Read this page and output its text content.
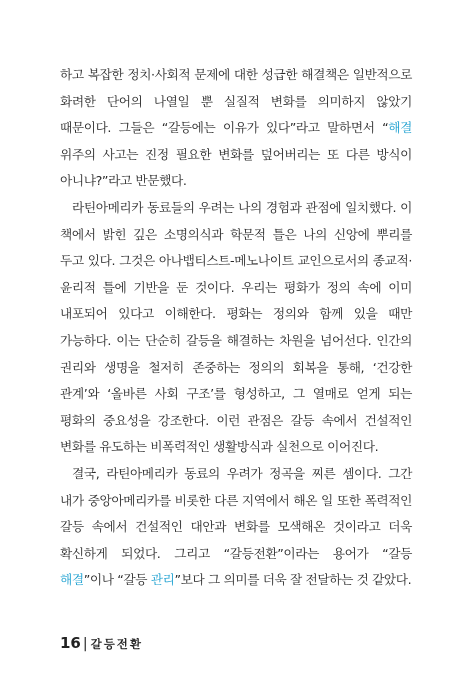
하고 복잡한 정치·사회적 문제에 대한 성급한 해결책은 일반적으로 화려한 단어의 나열일 뿐 실질적 변화를 의미하지 않았기 때문이다. 그들은 “갈등에는 이유가 있다”라고 말하면서 “해결 위주의 사고는 진정 필요한 변화를 덮어버리는 또 다른 방식이 아니냐?”라고 반문했다.

라틴아메리카 동료들의 우려는 나의 경험과 관점에 일치했다. 이 책에서 밝힌 깊은 소명의식과 학문적 틀은 나의 신앙에 뿌리를 두고 있다. 그것은 아나뱁티스트-메노나이트 교인으로서의 종교적·윤리적 틀에 기반을 둔 것이다. 우리는 평화가 정의 속에 이미 내포되어 있다고 이해한다. 평화는 정의와 함께 있을 때만 가능하다. 이는 단순히 갈등을 해결하는 차원을 넘어선다. 인간의 권리와 생명을 철저히 존중하는 정의의 회복을 통해, ‘건강한 관계’와 ‘올바른 사회 구조’를 형성하고, 그 열매로 얻게 되는 평화의 중요성을 강조한다. 이런 관점은 갈등 속에서 건설적인 변화를 유도하는 비폭력적인 생활방식과 실천으로 이어진다.

결국, 라틴아메리카 동료의 우려가 정곡을 찌른 셈이다. 그간 내가 중앙아메리카를 비롯한 다른 지역에서 해온 일 또한 폭력적인 갈등 속에서 건설적인 대안과 변화를 모색해온 것이라고 더욱 확신하게 되었다. 그리고 “갈등전환”이라는 용어가 “갈등 해결”이나 “갈등 관리”보다 그 의미를 더욱 잘 전달하는 것 같았다.

16 | 갈등전환
